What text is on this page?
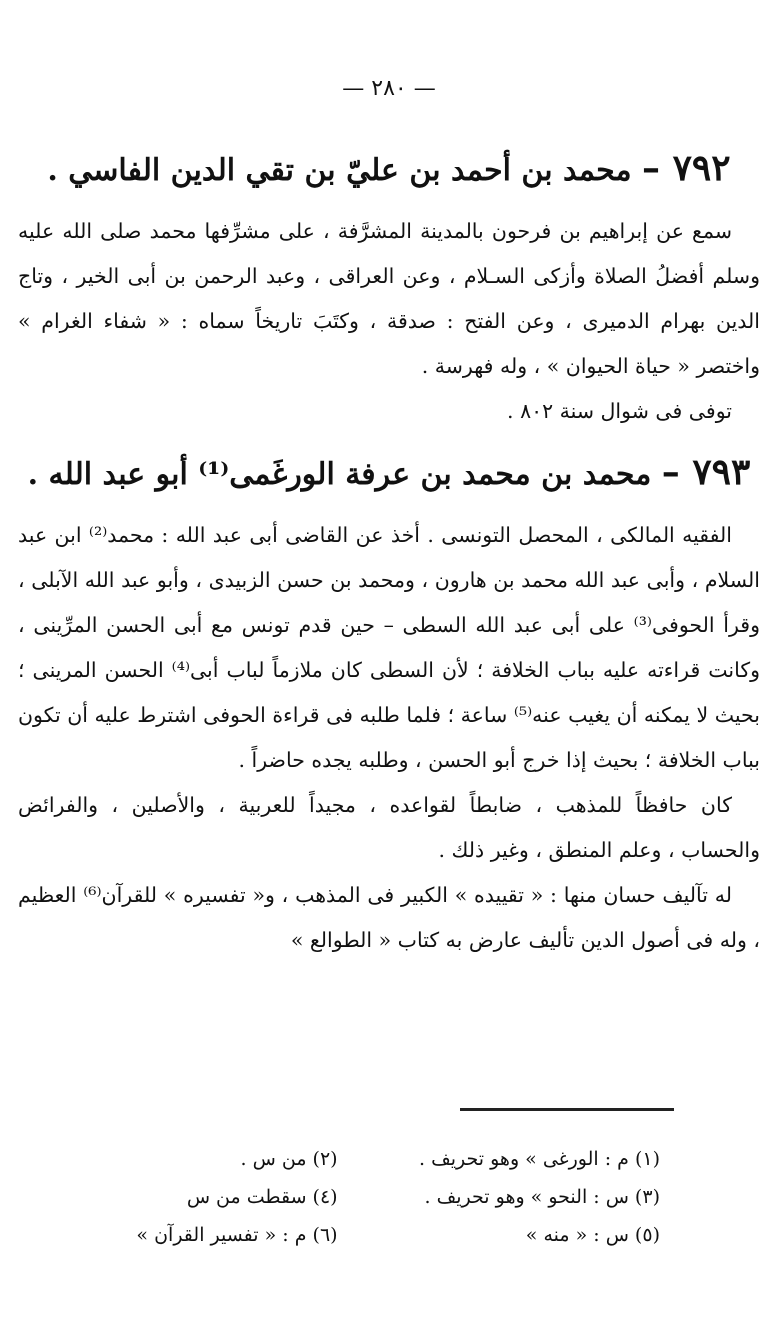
— ٢٨٠ —
٧٩٢ – محمد بن أحمد بن عليّ بن تقي الدين الفاسي .

سمع عن إبراهيم بن فرحون بالمدينة المشرَّفة ، على مشرِّفها محمد صلى الله عليه وسلم أفضلُ الصلاة وأزكى السـلام ، وعن العراقى ، وعبد الرحمن بن أبى الخير ، وتاج الدين بهرام الدميرى ، وعن الفتح : صدقة ، وكتَبَ تاريخاً سماه : « شفاء الغرام » واختصر « حياة الحيوان » ، وله فهرسة .

توفى فى شوال سنة ٨٠٢ .

٧٩٣ – محمد بن محمد بن عرفة الورغَمى⁽¹⁾ أبو عبد الله .

الفقيه المالكى ، المحصل التونسى . أخذ عن القاضى أبى عبد الله : محمد⁽²⁾ ابن عبد السلام ، وأبى عبد الله محمد بن هارون ، ومحمد بن حسن الزبيدى ، وأبو عبد الله الآبلى ، وقرأ الحوفى⁽³⁾ على أبى عبد الله السطى – حين قدم تونس مع أبى الحسن المرِّينى ، وكانت قراءته عليه بباب الخلافة ؛ لأن السطى كان ملازماً لباب أبى⁽⁴⁾ الحسن المرينى ؛ بحيث لا يمكنه أن يغيب عنه⁽⁵⁾ ساعة ؛ فلما طلبه فى قراءة الحوفى اشترط عليه أن تكون بباب الخلافة ؛ بحيث إذا خرج أبو الحسن ، وطلبه يجده حاضراً .

كان حافظاً للمذهب ، ضابطاً لقواعده ، مجيداً للعربية ، والأصلين ، والفرائض والحساب ، وعلم المنطق ، وغير ذلك .

له تآليف حسان منها : « تقييده » الكبير فى المذهب ، و« تفسيره » للقرآن⁽⁶⁾ العظيم ، وله فى أصول الدين تأليف عارض به كتاب « الطوالع »

(١) م : الورغى » وهو تحريف .
(٢) من س .
(٣) س : النحو » وهو تحريف .
(٤) سقطت من س
(٥) س : « منه »
(٦) م : « تفسير القرآن »
